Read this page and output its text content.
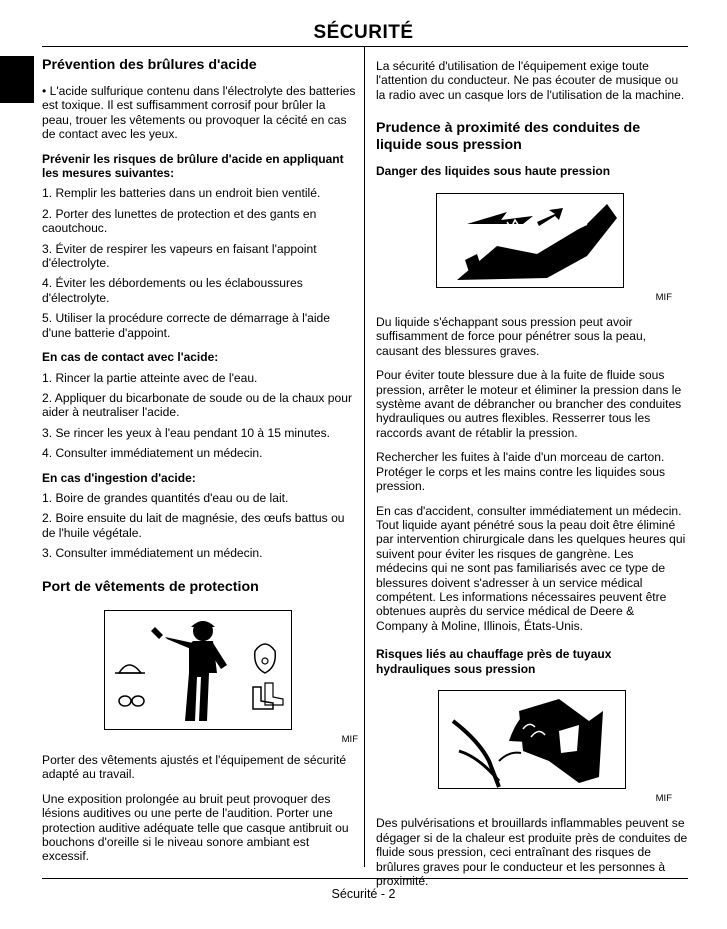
SÉCURITÉ

Prévention des brûlures d'acide

• L'acide sulfurique contenu dans l'électrolyte des batteries est toxique. Il est suffisamment corrosif pour brûler la peau, trouer les vêtements ou provoquer la cécité en cas de contact avec les yeux.

Prévenir les risques de brûlure d'acide en appliquant les mesures suivantes:

1. Remplir les batteries dans un endroit bien ventilé.

2. Porter des lunettes de protection et des gants en caoutchouc.

3. Éviter de respirer les vapeurs en faisant l'appoint d'électrolyte.

4. Éviter les débordements ou les éclaboussures d'électrolyte.

5. Utiliser la procédure correcte de démarrage à l'aide d'une batterie d'appoint.

En cas de contact avec l'acide:

1. Rincer la partie atteinte avec de l'eau.

2. Appliquer du bicarbonate de soude ou de la chaux pour aider à neutraliser l'acide.

3. Se rincer les yeux à l'eau pendant 10 à 15 minutes.

4. Consulter immédiatement un médecin.

En cas d'ingestion d'acide:

1. Boire de grandes quantités d'eau ou de lait.

2. Boire ensuite du lait de magnésie, des œufs battus ou de l'huile végétale.

3. Consulter immédiatement un médecin.

Port de vêtements de protection

MIF

Porter des vêtements ajustés et l'équipement de sécurité adapté au travail.

Une exposition prolongée au bruit peut provoquer des lésions auditives ou une perte de l'audition. Porter une protection auditive adéquate telle que casque antibruit ou bouchons d'oreille si le niveau sonore ambiant est excessif.

La sécurité d'utilisation de l'équipement exige toute l'attention du conducteur. Ne pas écouter de musique ou la radio avec un casque lors de l'utilisation de la machine.

Prudence à proximité des conduites de liquide sous pression

Danger des liquides sous haute pression

MIF

Du liquide s'échappant sous pression peut avoir suffisamment de force pour pénétrer sous la peau, causant des blessures graves.

Pour éviter toute blessure due à la fuite de fluide sous pression, arrêter le moteur et éliminer la pression dans le système avant de débrancher ou brancher des conduites hydrauliques ou autres flexibles. Resserrer tous les raccords avant de rétablir la pression.

Rechercher les fuites à l'aide d'un morceau de carton. Protéger le corps et les mains contre les liquides sous pression.

En cas d'accident, consulter immédiatement un médecin. Tout liquide ayant pénétré sous la peau doit être éliminé par intervention chirurgicale dans les quelques heures qui suivent pour éviter les risques de gangrène. Les médecins qui ne sont pas familiarisés avec ce type de blessures doivent s'adresser à un service médical compétent. Les informations nécessaires peuvent être obtenues auprès du service médical de Deere & Company à Moline, Illinois, États-Unis.

Risques liés au chauffage près de tuyaux hydrauliques sous pression

MIF

Des pulvérisations et brouillards inflammables peuvent se dégager si de la chaleur est produite près de conduites de fluide sous pression, ceci entraînant des risques de brûlures graves pour le conducteur et les personnes à proximité.

Sécurité - 2
